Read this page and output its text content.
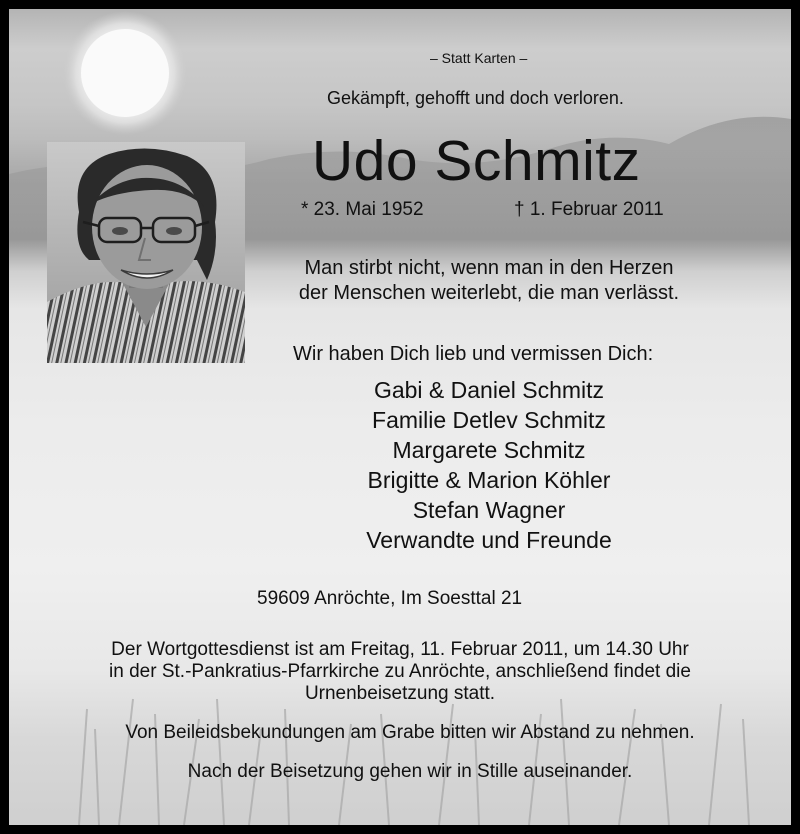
– Statt Karten –
Gekämpft, gehofft und doch verloren.
Udo Schmitz
* 23. Mai 1952	† 1. Februar 2011
Man stirbt nicht, wenn man in den Herzen
der Menschen weiterlebt, die man verlässt.
Wir haben Dich lieb und vermissen Dich:
Gabi & Daniel Schmitz
Familie Detlev Schmitz
Margarete Schmitz
Brigitte & Marion Köhler
Stefan Wagner
Verwandte und Freunde
59609 Anröchte, Im Soesttal 21
Der Wortgottesdienst ist am Freitag, 11. Februar 2011, um 14.30 Uhr
in der St.-Pankratius-Pfarrkirche zu Anröchte, anschließend findet die
Urnenbeisetzung statt.
Von Beileidsbekundungen am Grabe bitten wir Abstand zu nehmen.
Nach der Beisetzung gehen wir in Stille auseinander.
